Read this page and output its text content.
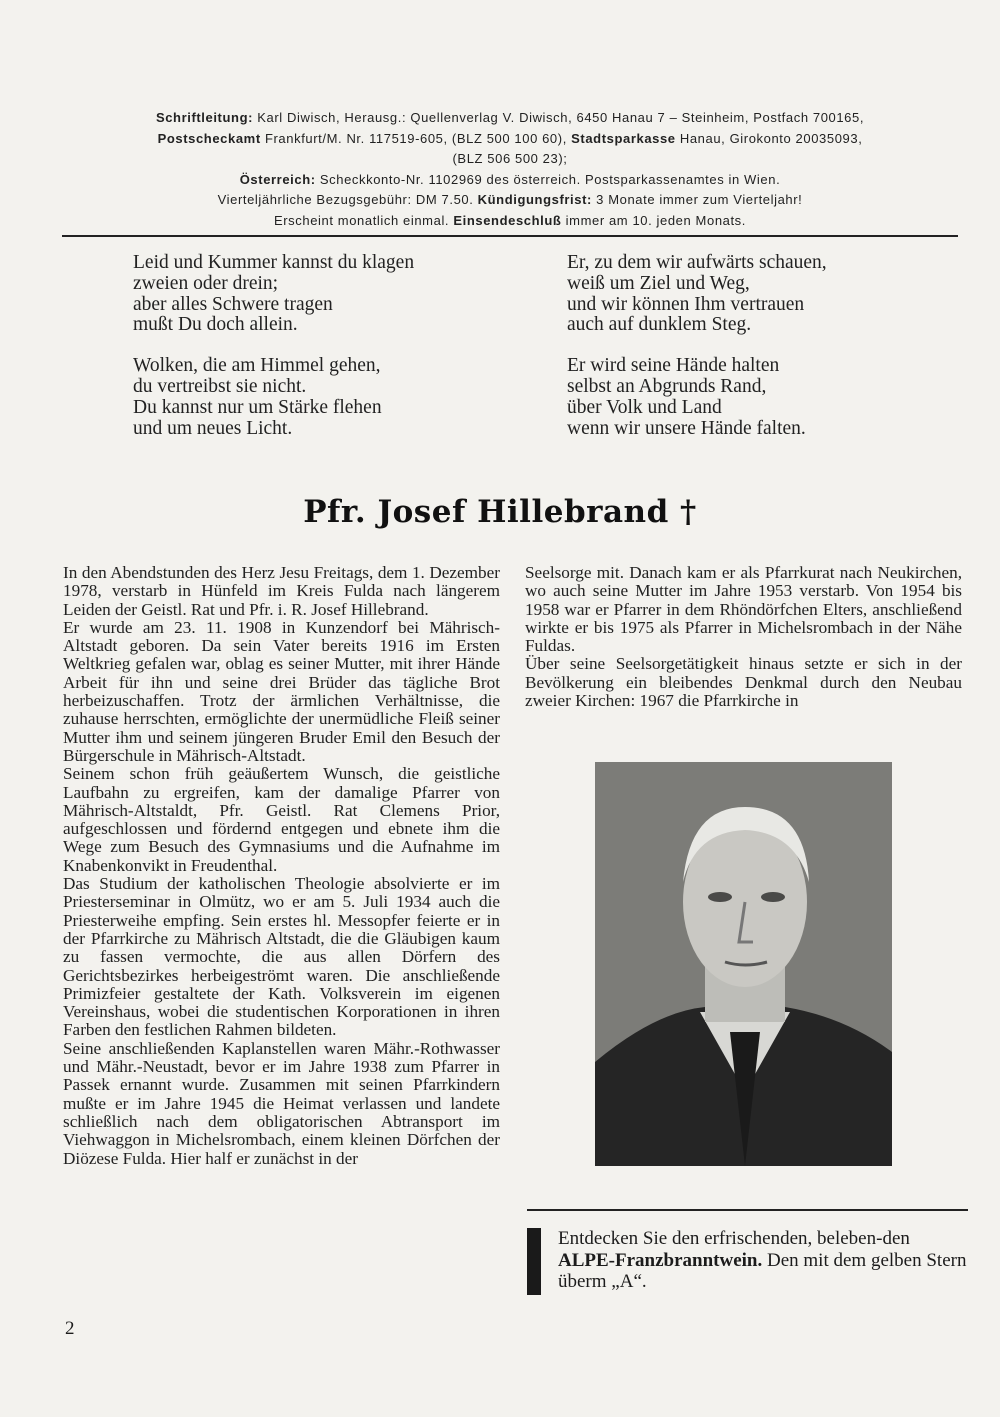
Schriftleitung: Karl Diwisch, Herausg.: Quellenverlag V. Diwisch, 6450 Hanau 7 – Steinheim, Postfach 700165,
Postscheckamt Frankfurt/M. Nr. 117519-605, (BLZ 500 100 60), Stadtsparkasse Hanau, Girokonto 20035093,
(BLZ 506 500 23);
Österreich: Scheckkonto-Nr. 1102969 des österreich. Postsparkassenamtes in Wien.
Vierteljährliche Bezugsgebühr: DM 7.50. Kündigungsfrist: 3 Monate immer zum Vierteljahr!
Erscheint monatlich einmal. Einsendeschluß immer am 10. jeden Monats.
Leid und Kummer kannst du klagen
zweien oder drein;
aber alles Schwere tragen
mußt Du doch allein.
Wolken, die am Himmel gehen,
du vertreibst sie nicht.
Du kannst nur um Stärke flehen
und um neues Licht.
Er, zu dem wir aufwärts schauen,
weiß um Ziel und Weg,
und wir können Ihm vertrauen
auch auf dunklem Steg.
Er wird seine Hände halten
selbst an Abgrunds Rand,
über Volk und Land
wenn wir unsere Hände falten.
Pfr. Josef Hillebrand †

In den Abendstunden des Herz Jesu Freitags, dem 1. Dezember 1978, verstarb in Hünfeld im Kreis Fulda nach längerem Leiden der Geistl. Rat und Pfr. i. R. Josef Hillebrand.

Er wurde am 23. 11. 1908 in Kunzendorf bei Mährisch-Altstadt geboren. Da sein Vater bereits 1916 im Ersten Weltkrieg gefalen war, oblag es seiner Mutter, mit ihrer Hände Arbeit für ihn und seine drei Brüder das tägliche Brot herbeizuschaffen. Trotz der ärmlichen Verhältnisse, die zuhause herrschten, ermöglichte der unermüdliche Fleiß seiner Mutter ihm und seinem jüngeren Bruder Emil den Besuch der Bürgerschule in Mährisch-Altstadt.

Seinem schon früh geäußertem Wunsch, die geistliche Laufbahn zu ergreifen, kam der damalige Pfarrer von Mährisch-Altstaldt, Pfr. Geistl. Rat Clemens Prior, aufgeschlossen und fördernd entgegen und ebnete ihm die Wege zum Besuch des Gymnasiums und die Aufnahme im Knabenkonvikt in Freudenthal.

Das Studium der katholischen Theologie absolvierte er im Priesterseminar in Olmütz, wo er am 5. Juli 1934 auch die Priesterweihe empfing. Sein erstes hl. Messopfer feierte er in der Pfarrkirche zu Mährisch Altstadt, die die Gläubigen kaum zu fassen vermochte, die aus allen Dörfern des Gerichtsbezirkes herbeigeströmt waren. Die anschließende Primizfeier gestaltete der Kath. Volksverein im eigenen Vereinshaus, wobei die studentischen Korporationen in ihren Farben den festlichen Rahmen bildeten.

Seine anschließenden Kaplanstellen waren Mähr.-Rothwasser und Mähr.-Neustadt, bevor er im Jahre 1938 zum Pfarrer in Passek ernannt wurde. Zusammen mit seinen Pfarrkindern mußte er im Jahre 1945 die Heimat verlassen und landete schließlich nach dem obligatorischen Abtransport im Viehwaggon in Michelsrombach, einem kleinen Dörfchen der Diözese Fulda. Hier half er zunächst in der

Seelsorge mit. Danach kam er als Pfarrkurat nach Neukirchen, wo auch seine Mutter im Jahre 1953 verstarb. Von 1954 bis 1958 war er Pfarrer in dem Rhöndörfchen Elters, anschließend wirkte er bis 1975 als Pfarrer in Michelsrombach in der Nähe Fuldas.

Über seine Seelsorgetätigkeit hinaus setzte er sich in der Bevölkerung ein bleibendes Denkmal durch den Neubau zweier Kirchen: 1967 die Pfarrkirche in

Entdecken Sie den erfrischenden, beleben-den ALPE-Franzbranntwein. Den mit dem gelben Stern überm „A“.
2
